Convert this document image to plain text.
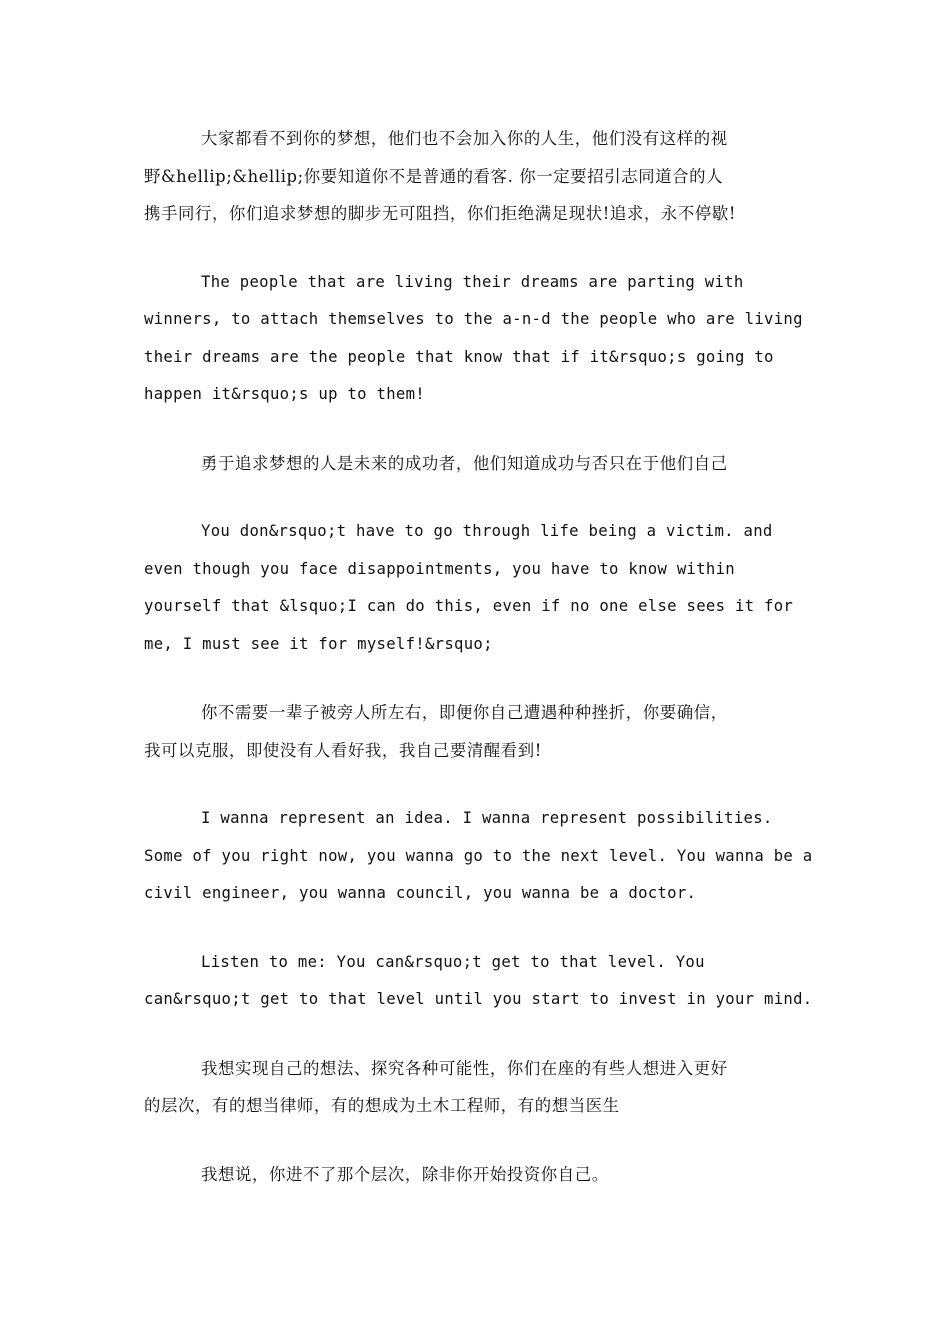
大家都看不到你的梦想，他们也不会加入你的人生，他们没有这样的视
野&hellip;&hellip;你要知道你不是普通的看客. 你一定要招引志同道合的人
携手同行，你们追求梦想的脚步无可阻挡，你们拒绝满足现状!追求，永不停歇!

The people that are living their dreams are parting with
winners, to attach themselves to the a-n-d the people who are living
their dreams are the people that know that if it&rsquo;s going to
happen it&rsquo;s up to them!

勇于追求梦想的人是未来的成功者，他们知道成功与否只在于他们自己

You don&rsquo;t have to go through life being a victim. and
even though you face disappointments, you have to know within
yourself that &lsquo;I can do this, even if no one else sees it for
me, I must see it for myself!&rsquo;

你不需要一辈子被旁人所左右，即便你自己遭遇种种挫折，你要确信，
我可以克服，即使没有人看好我，我自己要清醒看到!

I wanna represent an idea. I wanna represent possibilities.
Some of you right now, you wanna go to the next level. You wanna be a
civil engineer, you wanna council, you wanna be a doctor.

Listen to me: You can&rsquo;t get to that level. You
can&rsquo;t get to that level until you start to invest in your mind.

我想实现自己的想法、探究各种可能性，你们在座的有些人想进入更好
的层次，有的想当律师，有的想成为土木工程师，有的想当医生

我想说，你进不了那个层次，除非你开始投资你自己。
